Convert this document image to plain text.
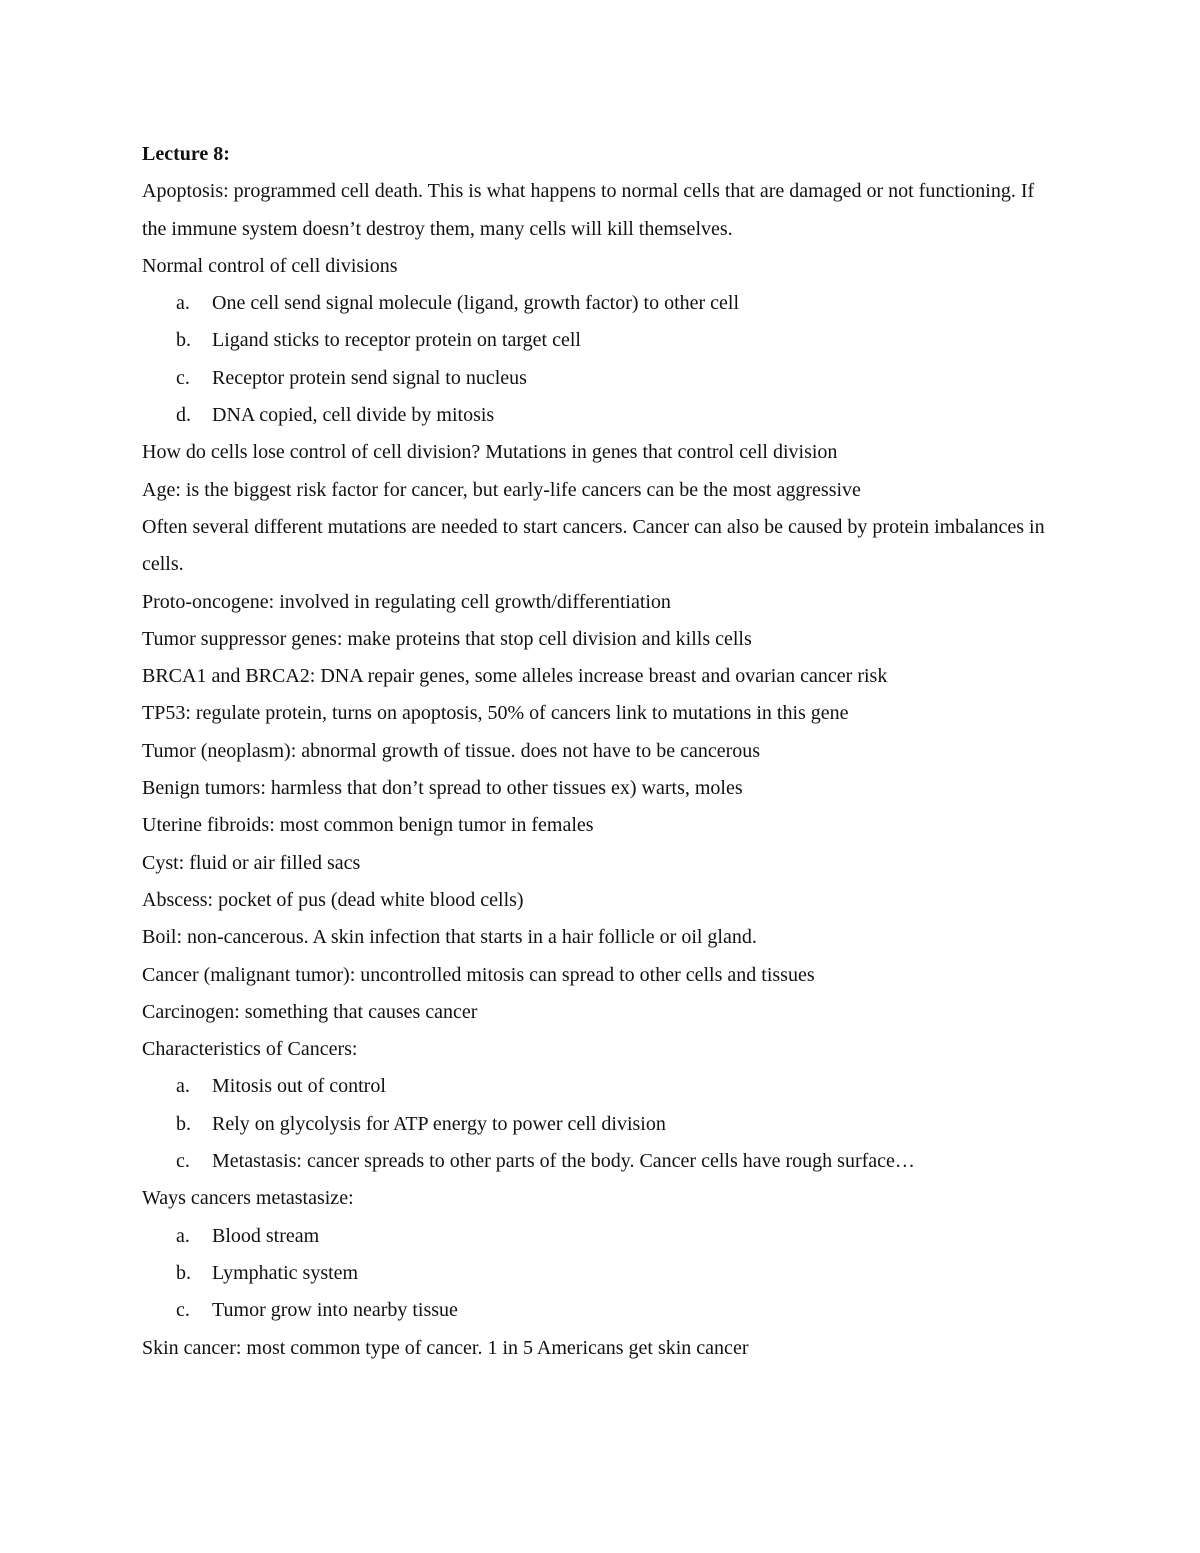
Lecture 8:

Apoptosis: programmed cell death. This is what happens to normal cells that are damaged or not functioning. If the immune system doesn’t destroy them, many cells will kill themselves.

Normal control of cell divisions

a. One cell send signal molecule (ligand, growth factor) to other cell
b. Ligand sticks to receptor protein on target cell
c. Receptor protein send signal to nucleus
d. DNA copied, cell divide by mitosis

How do cells lose control of cell division? Mutations in genes that control cell division

Age: is the biggest risk factor for cancer, but early-life cancers can be the most aggressive

Often several different mutations are needed to start cancers. Cancer can also be caused by protein imbalances in cells.

Proto-oncogene: involved in regulating cell growth/differentiation

Tumor suppressor genes: make proteins that stop cell division and kills cells

BRCA1 and BRCA2: DNA repair genes, some alleles increase breast and ovarian cancer risk

TP53: regulate protein, turns on apoptosis, 50% of cancers link to mutations in this gene

Tumor (neoplasm): abnormal growth of tissue. does not have to be cancerous

Benign tumors: harmless that don’t spread to other tissues ex) warts, moles

Uterine fibroids: most common benign tumor in females

Cyst: fluid or air filled sacs

Abscess: pocket of pus (dead white blood cells)

Boil: non-cancerous. A skin infection that starts in a hair follicle or oil gland.

Cancer (malignant tumor): uncontrolled mitosis can spread to other cells and tissues

Carcinogen: something that causes cancer

Characteristics of Cancers:

a. Mitosis out of control
b. Rely on glycolysis for ATP energy to power cell division
c. Metastasis: cancer spreads to other parts of the body. Cancer cells have rough surface…

Ways cancers metastasize:

a. Blood stream
b. Lymphatic system
c. Tumor grow into nearby tissue

Skin cancer: most common type of cancer. 1 in 5 Americans get skin cancer
